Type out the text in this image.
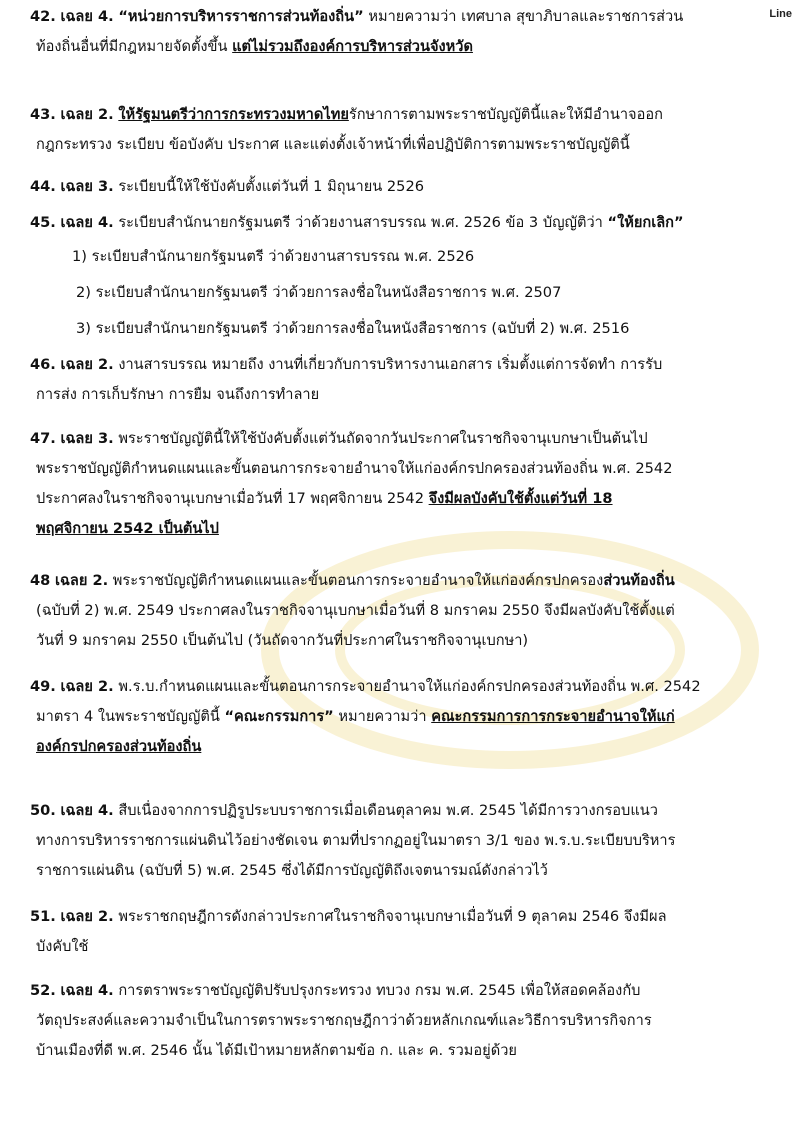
Line
42. เฉลย 4. “หน่วยการบริหารราชการส่วนท้องถิ่น” หมายความว่า เทศบาล สุขาภิบาลและราชการส่วน
ท้องถิ่นอื่นที่มีกฎหมายจัดตั้งขึ้น แต่ไม่รวมถึงองค์การบริหารส่วนจังหวัด
43. เฉลย 2. ให้รัฐมนตรีว่าการกระทรวงมหาดไทยรักษาการตามพระราชบัญญัตินี้และให้มีอำนาจออก
กฎกระทรวง ระเบียบ ข้อบังคับ ประกาศ และแต่งตั้งเจ้าหน้าที่เพื่อปฏิบัติการตามพระราชบัญญัตินี้
44. เฉลย 3. ระเบียบนี้ให้ใช้บังคับตั้งแต่วันที่ 1 มิถุนายน 2526
45. เฉลย 4. ระเบียบสำนักนายกรัฐมนตรี ว่าด้วยงานสารบรรณ พ.ศ. 2526 ข้อ 3 บัญญัติว่า “ให้ยกเลิก”
1) ระเบียบสำนักนายกรัฐมนตรี ว่าด้วยงานสารบรรณ พ.ศ. 2526
2) ระเบียบสำนักนายกรัฐมนตรี ว่าด้วยการลงชื่อในหนังสือราชการ พ.ศ. 2507
3) ระเบียบสำนักนายกรัฐมนตรี ว่าด้วยการลงชื่อในหนังสือราชการ (ฉบับที่ 2) พ.ศ. 2516
46. เฉลย 2. งานสารบรรณ หมายถึง งานที่เกี่ยวกับการบริหารงานเอกสาร เริ่มตั้งแต่การจัดทำ การรับ
การส่ง การเก็บรักษา การยืม จนถึงการทำลาย
47. เฉลย 3. พระราชบัญญัตินี้ให้ใช้บังคับตั้งแต่วันถัดจากวันประกาศในราชกิจจานุเบกษาเป็นต้นไป
พระราชบัญญัติกำหนดแผนและขั้นตอนการกระจายอำนาจให้แก่องค์กรปกครองส่วนท้องถิ่น พ.ศ. 2542
ประกาศลงในราชกิจจานุเบกษาเมื่อวันที่ 17 พฤศจิกายน 2542 จึงมีผลบังคับใช้ตั้งแต่วันที่ 18
พฤศจิกายน 2542 เป็นต้นไป
48 เฉลย 2. พระราชบัญญัติกำหนดแผนและขั้นตอนการกระจายอำนาจให้แก่องค์กรปกครองส่วนท้องถิ่น
(ฉบับที่ 2) พ.ศ. 2549 ประกาศลงในราชกิจจานุเบกษาเมื่อวันที่ 8 มกราคม 2550 จึงมีผลบังคับใช้ตั้งแต่
วันที่ 9 มกราคม 2550 เป็นต้นไป (วันถัดจากวันที่ประกาศในราชกิจจานุเบกษา)
49. เฉลย 2. พ.ร.บ.กำหนดแผนและขั้นตอนการกระจายอำนาจให้แก่องค์กรปกครองส่วนท้องถิ่น พ.ศ. 2542
มาตรา 4 ในพระราชบัญญัตินี้ “คณะกรรมการ” หมายความว่า คณะกรรมการการกระจายอำนาจให้แก่
องค์กรปกครองส่วนท้องถิ่น
50. เฉลย 4. สืบเนื่องจากการปฏิรูประบบราชการเมื่อเดือนตุลาคม พ.ศ. 2545 ได้มีการวางกรอบแนว
ทางการบริหารราชการแผ่นดินไว้อย่างชัดเจน ตามที่ปรากฏอยู่ในมาตรา 3/1 ของ พ.ร.บ.ระเบียบบริหาร
ราชการแผ่นดิน (ฉบับที่ 5) พ.ศ. 2545 ซึ่งได้มีการบัญญัติถึงเจตนารมณ์ดังกล่าวไว้
51. เฉลย 2. พระราชกฤษฎีการดังกล่าวประกาศในราชกิจจานุเบกษาเมื่อวันที่ 9 ตุลาคม 2546 จึงมีผล
บังคับใช้
52. เฉลย 4. การตราพระราชบัญญัติปรับปรุงกระทรวง ทบวง กรม พ.ศ. 2545 เพื่อให้สอดคล้องกับ
วัตถุประสงค์และความจำเป็นในการตราพระราชกฤษฎีกาว่าด้วยหลักเกณฑ์และวิธีการบริหารกิจการ
บ้านเมืองที่ดี พ.ศ. 2546 นั้น ได้มีเป้าหมายหลักตามข้อ ก. และ ค. รวมอยู่ด้วย
